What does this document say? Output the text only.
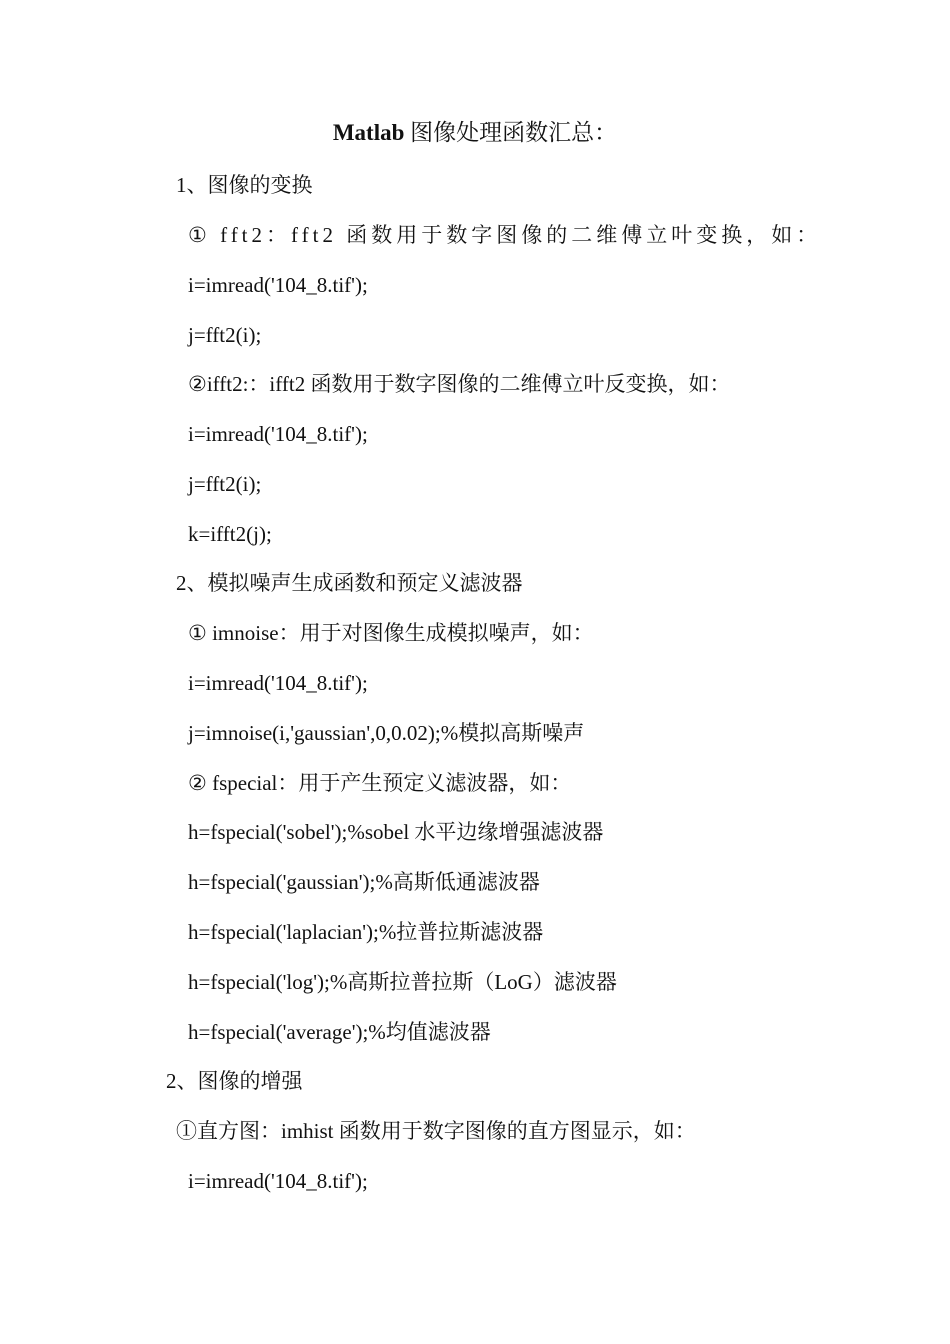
Matlab 图像处理函数汇总：
1、图像的变换
① fft2：fft2 函数用于数字图像的二维傅立叶变换，如：
i=imread('104_8.tif');
j=fft2(i);
②ifft2:：ifft2 函数用于数字图像的二维傅立叶反变换，如：
i=imread('104_8.tif');
j=fft2(i);
k=ifft2(j);
2、模拟噪声生成函数和预定义滤波器
① imnoise：用于对图像生成模拟噪声，如：
i=imread('104_8.tif');
j=imnoise(i,'gaussian',0,0.02);%模拟高斯噪声
② fspecial：用于产生预定义滤波器，如：
h=fspecial('sobel');%sobel 水平边缘增强滤波器
h=fspecial('gaussian');%高斯低通滤波器
h=fspecial('laplacian');%拉普拉斯滤波器
h=fspecial('log');%高斯拉普拉斯（LoG）滤波器
h=fspecial('average');%均值滤波器
2、图像的增强
①直方图：imhist 函数用于数字图像的直方图显示，如：
i=imread('104_8.tif');
